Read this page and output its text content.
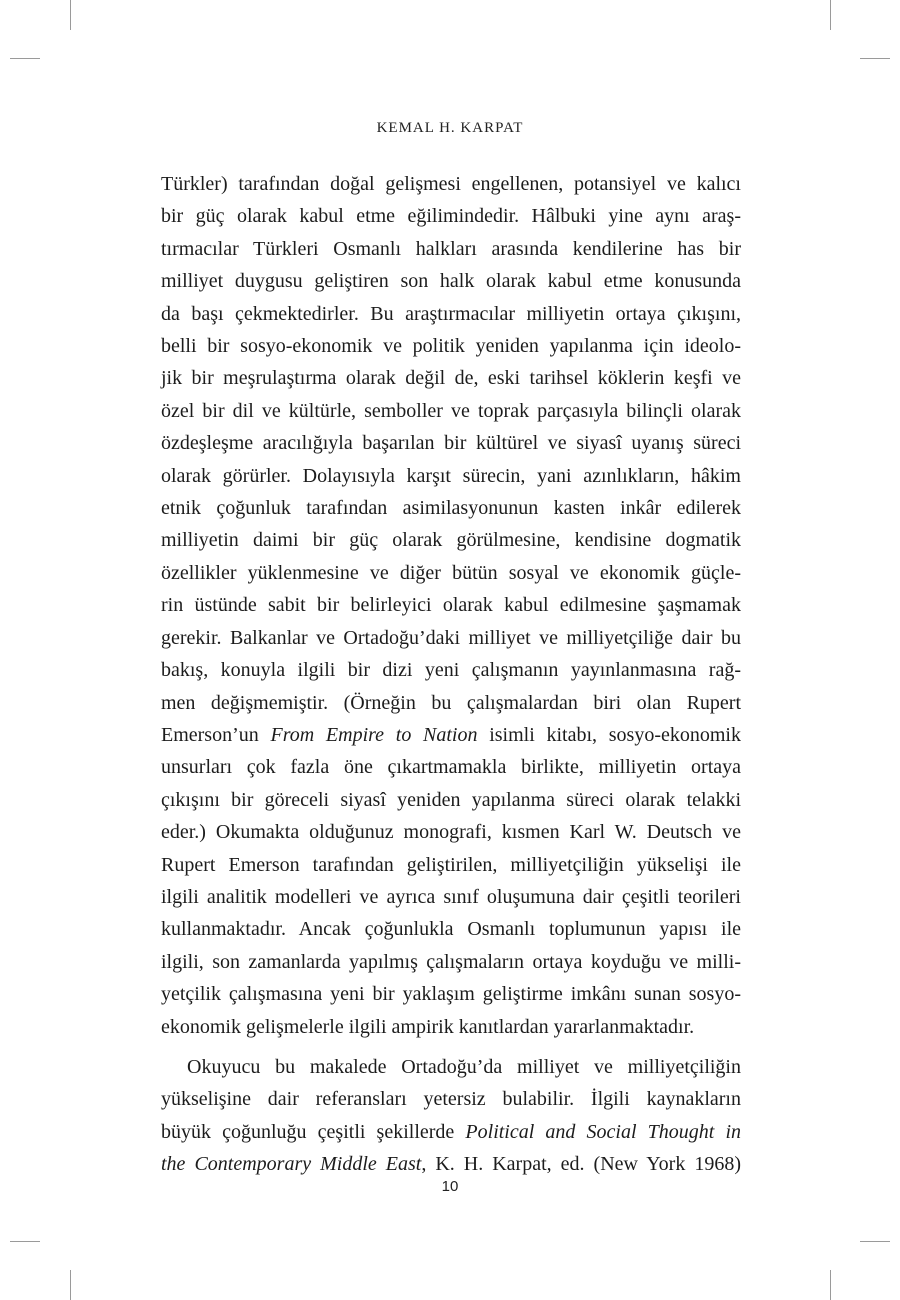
KEMAL H. KARPAT
Türkler) tarafından doğal gelişmesi engellenen, potansiyel ve kalıcı
bir güç olarak kabul etme eğilimindedir. Hâlbuki yine aynı araş-
tırmacılar Türkleri Osmanlı halkları arasında kendilerine has bir
milliyet duygusu geliştiren son halk olarak kabul etme konusunda
da başı çekmektedirler. Bu araştırmacılar milliyetin ortaya çıkışını,
belli bir sosyo-ekonomik ve politik yeniden yapılanma için ideolo-
jik bir meşrulaştırma olarak değil de, eski tarihsel köklerin keşfi ve
özel bir dil ve kültürle, semboller ve toprak parçasıyla bilinçli olarak
özdeşleşme aracılığıyla başarılan bir kültürel ve siyasî uyanış süreci
olarak görürler. Dolayısıyla karşıt sürecin, yani azınlıkların, hâkim
etnik çoğunluk tarafından asimilasyonunun kasten inkâr edilerek
milliyetin daimi bir güç olarak görülmesine, kendisine dogmatik
özellikler yüklenmesine ve diğer bütün sosyal ve ekonomik güçle-
rin üstünde sabit bir belirleyici olarak kabul edilmesine şaşmamak
gerekir. Balkanlar ve Ortadoğu’daki milliyet ve milliyetçiliğe dair bu
bakış, konuyla ilgili bir dizi yeni çalışmanın yayınlanmasına rağ-
men değişmemiştir. (Örneğin bu çalışmalardan biri olan Rupert
Emerson’un From Empire to Nation isimli kitabı, sosyo-ekonomik
unsurları çok fazla öne çıkartmamakla birlikte, milliyetin ortaya
çıkışını bir göreceli siyasî yeniden yapılanma süreci olarak telakki
eder.) Okumakta olduğunuz monografi, kısmen Karl W. Deutsch ve
Rupert Emerson tarafından geliştirilen, milliyetçiliğin yükselişi ile
ilgili analitik modelleri ve ayrıca sınıf oluşumuna dair çeşitli teorileri
kullanmaktadır. Ancak çoğunlukla Osmanlı toplumunun yapısı ile
ilgili, son zamanlarda yapılmış çalışmaların ortaya koyduğu ve milli-
yetçilik çalışmasına yeni bir yaklaşım geliştirme imkânı sunan sosyo-
ekonomik gelişmelerle ilgili ampirik kanıtlardan yararlanmaktadır.
Okuyucu bu makalede Ortadoğu’da milliyet ve milliyetçiliğin
yükselişine dair referansları yetersiz bulabilir. İlgili kaynakların
büyük çoğunluğu çeşitli şekillerde Political and Social Thought in
the Contemporary Middle East, K. H. Karpat, ed. (New York 1968)
10
